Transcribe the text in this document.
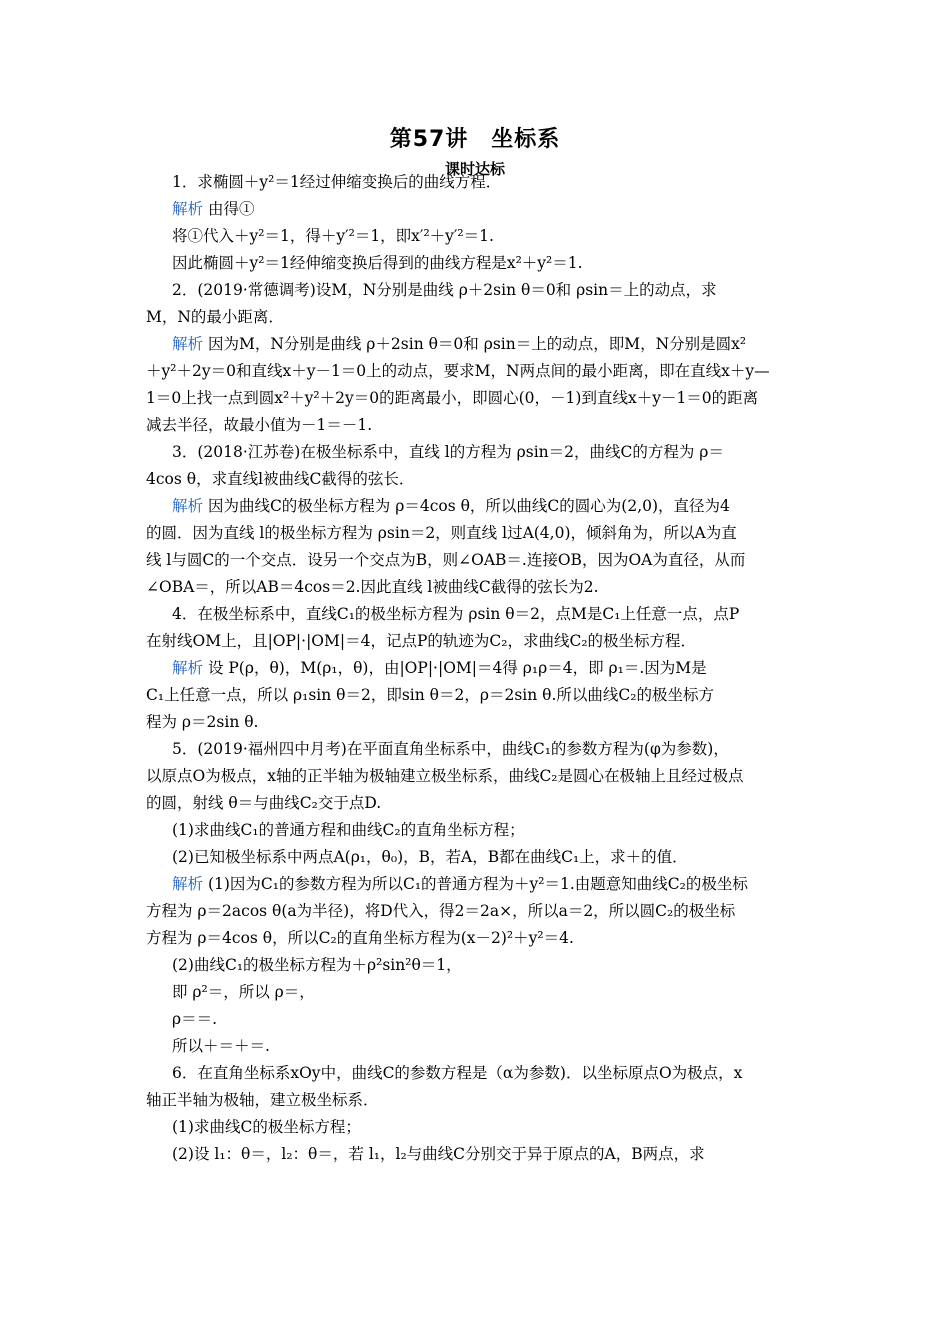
第57讲　坐标系
课时达标
1．求椭圆＋y²＝1经过伸缩变换后的曲线方程．
解析 由得①
将①代入＋y²＝1，得＋y′²＝1，即x′²＋y′²＝1.
因此椭圆＋y²＝1经伸缩变换后得到的曲线方程是x²＋y²＝1.
2．(2019·常德调考)设M，N分别是曲线 ρ＋2sin θ＝0和 ρsin＝上的动点，求
M，N的最小距离．
解析 因为M，N分别是曲线 ρ＋2sin θ＝0和 ρsin＝上的动点，即M，N分别是圆x²
＋y²＋2y＝0和直线x＋y－1＝0上的动点，要求M，N两点间的最小距离，即在直线x＋y—
1＝0上找一点到圆x²＋y²＋2y＝0的距离最小，即圆心(0，－1)到直线x＋y－1＝0的距离
减去半径，故最小值为－1＝－1.
3．(2018·江苏卷)在极坐标系中，直线 l的方程为 ρsin＝2，曲线C的方程为 ρ＝
4cos θ，求直线l被曲线C截得的弦长．
解析 因为曲线C的极坐标方程为 ρ＝4cos θ，所以曲线C的圆心为(2,0)，直径为4
的圆．因为直线 l的极坐标方程为 ρsin＝2，则直线 l过A(4,0)，倾斜角为，所以A为直
线 l与圆C的一个交点．设另一个交点为B，则∠OAB＝.连接OB，因为OA为直径，从而
∠OBA＝，所以AB＝4cos＝2.因此直线 l被曲线C截得的弦长为2.
4．在极坐标系中，直线C₁的极坐标方程为 ρsin θ＝2，点M是C₁上任意一点，点P
在射线OM上，且|OP|·|OM|＝4，记点P的轨迹为C₂，求曲线C₂的极坐标方程．
解析 设 P(ρ，θ)，M(ρ₁，θ)，由|OP|·|OM|＝4得 ρ₁ρ＝4，即 ρ₁＝.因为M是
C₁上任意一点，所以 ρ₁sin θ＝2，即sin θ＝2，ρ＝2sin θ.所以曲线C₂的极坐标方
程为 ρ＝2sin θ.
5．(2019·福州四中月考)在平面直角坐标系中，曲线C₁的参数方程为(φ为参数)，
以原点O为极点，x轴的正半轴为极轴建立极坐标系，曲线C₂是圆心在极轴上且经过极点
的圆，射线 θ＝与曲线C₂交于点D.
(1)求曲线C₁的普通方程和曲线C₂的直角坐标方程；
(2)已知极坐标系中两点A(ρ₁，θ₀)，B，若A，B都在曲线C₁上，求＋的值．
解析 (1)因为C₁的参数方程为所以C₁的普通方程为＋y²＝1.由题意知曲线C₂的极坐标
方程为 ρ＝2acos θ(a为半径)，将D代入，得2＝2a×，所以a＝2，所以圆C₂的极坐标
方程为 ρ＝4cos θ，所以C₂的直角坐标方程为(x－2)²＋y²＝4.
(2)曲线C₁的极坐标方程为＋ρ²sin²θ＝1，
即 ρ²＝，所以 ρ＝，
ρ＝＝.
所以＋＝＋＝.
6．在直角坐标系xOy中，曲线C的参数方程是（α为参数)．以坐标原点O为极点，x
轴正半轴为极轴，建立极坐标系．
(1)求曲线C的极坐标方程；
(2)设 l₁：θ＝，l₂：θ＝，若 l₁，l₂与曲线C分别交于异于原点的A，B两点，求
